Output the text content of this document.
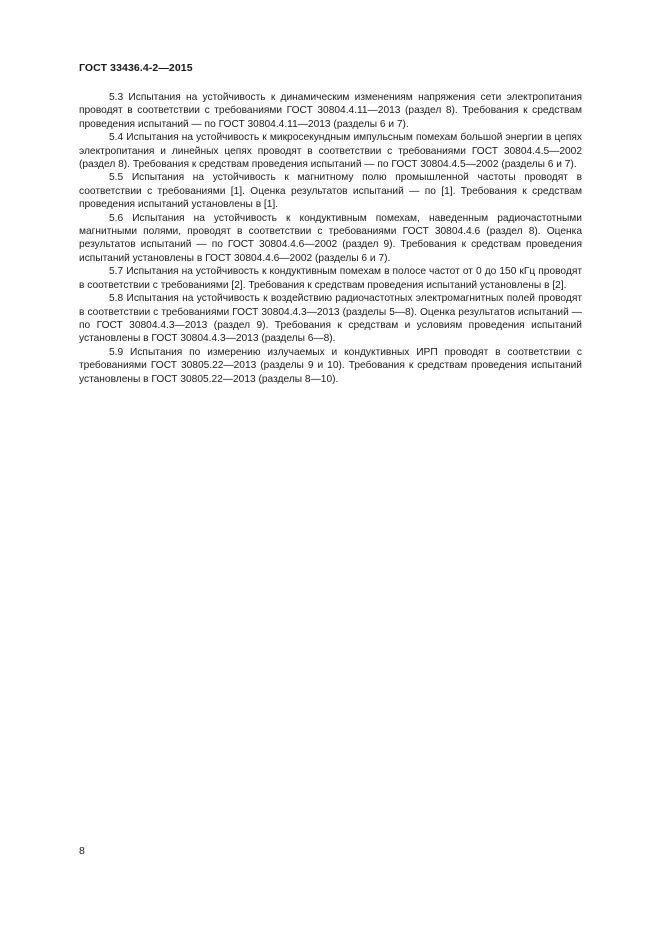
ГОСТ 33436.4-2—2015

5.3 Испытания на устойчивость к динамическим изменениям напряжения сети электропитания проводят в соответствии с требованиями ГОСТ 30804.4.11—2013 (раздел 8). Требования к средствам проведения испытаний — по ГОСТ 30804.4.11—2013 (разделы 6 и 7).

5.4 Испытания на устойчивость к микросекундным импульсным помехам большой энергии в цепях электропитания и линейных цепях проводят в соответствии с требованиями ГОСТ 30804.4.5—2002 (раздел 8). Требования к средствам проведения испытаний — по ГОСТ 30804.4.5—2002 (разделы 6 и 7).

5.5 Испытания на устойчивость к магнитному полю промышленной частоты проводят в соответствии с требованиями [1]. Оценка результатов испытаний — по [1]. Требования к средствам проведения испытаний установлены в [1].

5.6 Испытания на устойчивость к кондуктивным помехам, наведенным радиочастотными магнитными полями, проводят в соответствии с требованиями ГОСТ 30804.4.6 (раздел 8). Оценка результатов испытаний — по ГОСТ 30804.4.6—2002 (раздел 9). Требования к средствам проведения испытаний установлены в ГОСТ 30804.4.6—2002 (разделы 6 и 7).

5.7 Испытания на устойчивость к кондуктивным помехам в полосе частот от 0 до 150 кГц проводят в соответствии с требованиями [2]. Требования к средствам проведения испытаний установлены в [2].

5.8 Испытания на устойчивость к воздействию радиочастотных электромагнитных полей проводят в соответствии с требованиями ГОСТ 30804.4.3—2013 (разделы 5—8). Оценка результатов испытаний — по ГОСТ 30804.4.3—2013 (раздел 9). Требования к средствам и условиям проведения испытаний установлены в ГОСТ 30804.4.3—2013 (разделы 6—8).

5.9 Испытания по измерению излучаемых и кондуктивных ИРП проводят в соответствии с требованиями ГОСТ 30805.22—2013 (разделы 9 и 10). Требования к средствам проведения испытаний установлены в ГОСТ 30805.22—2013 (разделы 8—10).

8
